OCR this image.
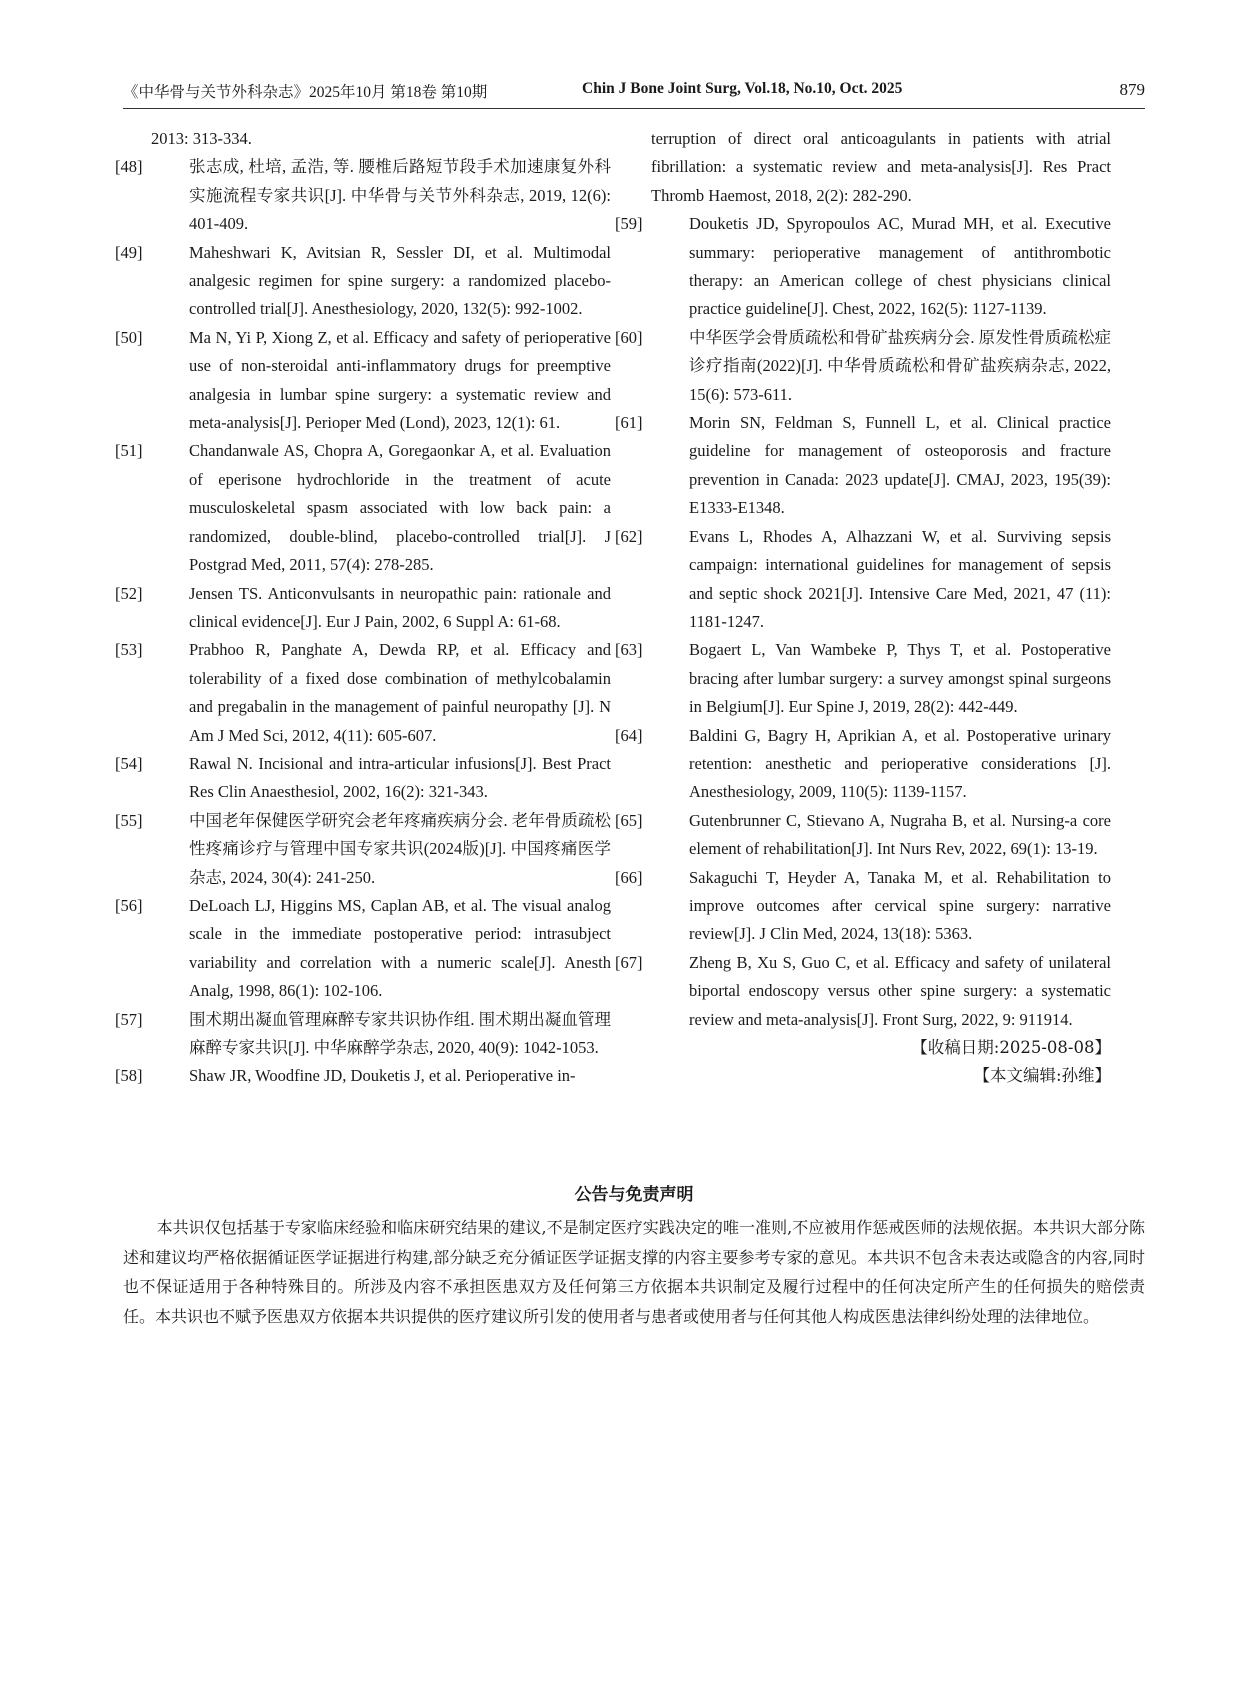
《中华骨与关节外科杂志》2025年10月 第18卷 第10期	Chin J Bone Joint Surg, Vol.18, No.10, Oct. 2025	879
2013: 313-334.
[48]	张志成, 杜培, 孟浩, 等. 腰椎后路短节段手术加速康复外科实施流程专家共识[J]. 中华骨与关节外科杂志, 2019, 12(6): 401-409.
[49]	Maheshwari K, Avitsian R, Sessler DI, et al. Multimodal analgesic regimen for spine surgery: a randomized placebo-controlled trial[J]. Anesthesiology, 2020, 132(5): 992-1002.
[50]	Ma N, Yi P, Xiong Z, et al. Efficacy and safety of perioperative use of non-steroidal anti-inflammatory drugs for preemptive analgesia in lumbar spine surgery: a systematic review and meta-analysis[J]. Perioper Med (Lond), 2023, 12(1): 61.
[51]	Chandanwale AS, Chopra A, Goregaonkar A, et al. Evaluation of eperisone hydrochloride in the treatment of acute musculoskeletal spasm associated with low back pain: a randomized, double-blind, placebo-controlled trial[J]. J Postgrad Med, 2011, 57(4): 278-285.
[52]	Jensen TS. Anticonvulsants in neuropathic pain: rationale and clinical evidence[J]. Eur J Pain, 2002, 6 Suppl A: 61-68.
[53]	Prabhoo R, Panghate A, Dewda RP, et al. Efficacy and tolerability of a fixed dose combination of methylcobalamin and pregabalin in the management of painful neuropathy [J]. N Am J Med Sci, 2012, 4(11): 605-607.
[54]	Rawal N. Incisional and intra-articular infusions[J]. Best Pract Res Clin Anaesthesiol, 2002, 16(2): 321-343.
[55]	中国老年保健医学研究会老年疼痛疾病分会. 老年骨质疏松性疼痛诊疗与管理中国专家共识(2024版)[J]. 中国疼痛医学杂志, 2024, 30(4): 241-250.
[56]	DeLoach LJ, Higgins MS, Caplan AB, et al. The visual analog scale in the immediate postoperative period: intrasubject variability and correlation with a numeric scale[J]. Anesth Analg, 1998, 86(1): 102-106.
[57]	围术期出凝血管理麻醉专家共识协作组. 围术期出凝血管理麻醉专家共识[J]. 中华麻醉学杂志, 2020, 40(9): 1042-1053.
[58]	Shaw JR, Woodfine JD, Douketis J, et al. Perioperative in-
terruption of direct oral anticoagulants in patients with atrial fibrillation: a systematic review and meta-analysis[J]. Res Pract Thromb Haemost, 2018, 2(2): 282-290.
[59]	Douketis JD, Spyropoulos AC, Murad MH, et al. Executive summary: perioperative management of antithrombotic therapy: an American college of chest physicians clinical practice guideline[J]. Chest, 2022, 162(5): 1127-1139.
[60]	中华医学会骨质疏松和骨矿盐疾病分会. 原发性骨质疏松症诊疗指南(2022)[J]. 中华骨质疏松和骨矿盐疾病杂志, 2022, 15(6): 573-611.
[61]	Morin SN, Feldman S, Funnell L, et al. Clinical practice guideline for management of osteoporosis and fracture prevention in Canada: 2023 update[J]. CMAJ, 2023, 195(39): E1333-E1348.
[62]	Evans L, Rhodes A, Alhazzani W, et al. Surviving sepsis campaign: international guidelines for management of sepsis and septic shock 2021[J]. Intensive Care Med, 2021, 47 (11): 1181-1247.
[63]	Bogaert L, Van Wambeke P, Thys T, et al. Postoperative bracing after lumbar surgery: a survey amongst spinal surgeons in Belgium[J]. Eur Spine J, 2019, 28(2): 442-449.
[64]	Baldini G, Bagry H, Aprikian A, et al. Postoperative urinary retention: anesthetic and perioperative considerations [J]. Anesthesiology, 2009, 110(5): 1139-1157.
[65]	Gutenbrunner C, Stievano A, Nugraha B, et al. Nursing-a core element of rehabilitation[J]. Int Nurs Rev, 2022, 69(1): 13-19.
[66]	Sakaguchi T, Heyder A, Tanaka M, et al. Rehabilitation to improve outcomes after cervical spine surgery: narrative review[J]. J Clin Med, 2024, 13(18): 5363.
[67]	Zheng B, Xu S, Guo C, et al. Efficacy and safety of unilateral biportal endoscopy versus other spine surgery: a systematic review and meta-analysis[J]. Front Surg, 2022, 9: 911914.
【收稿日期:2025-08-08】
【本文编辑:孙维】
公告与免责声明
本共识仅包括基于专家临床经验和临床研究结果的建议,不是制定医疗实践决定的唯一准则,不应被用作惩戒医师的法规依据。本共识大部分陈述和建议均严格依据循证医学证据进行构建,部分缺乏充分循证医学证据支撑的内容主要参考专家的意见。本共识不包含未表达或隐含的内容,同时也不保证适用于各种特殊目的。所涉及内容不承担医患双方及任何第三方依据本共识制定及履行过程中的任何决定所产生的任何损失的赔偿责任。本共识也不赋予医患双方依据本共识提供的医疗建议所引发的使用者与患者或使用者与任何其他人构成医患法律纠纷处理的法律地位。
